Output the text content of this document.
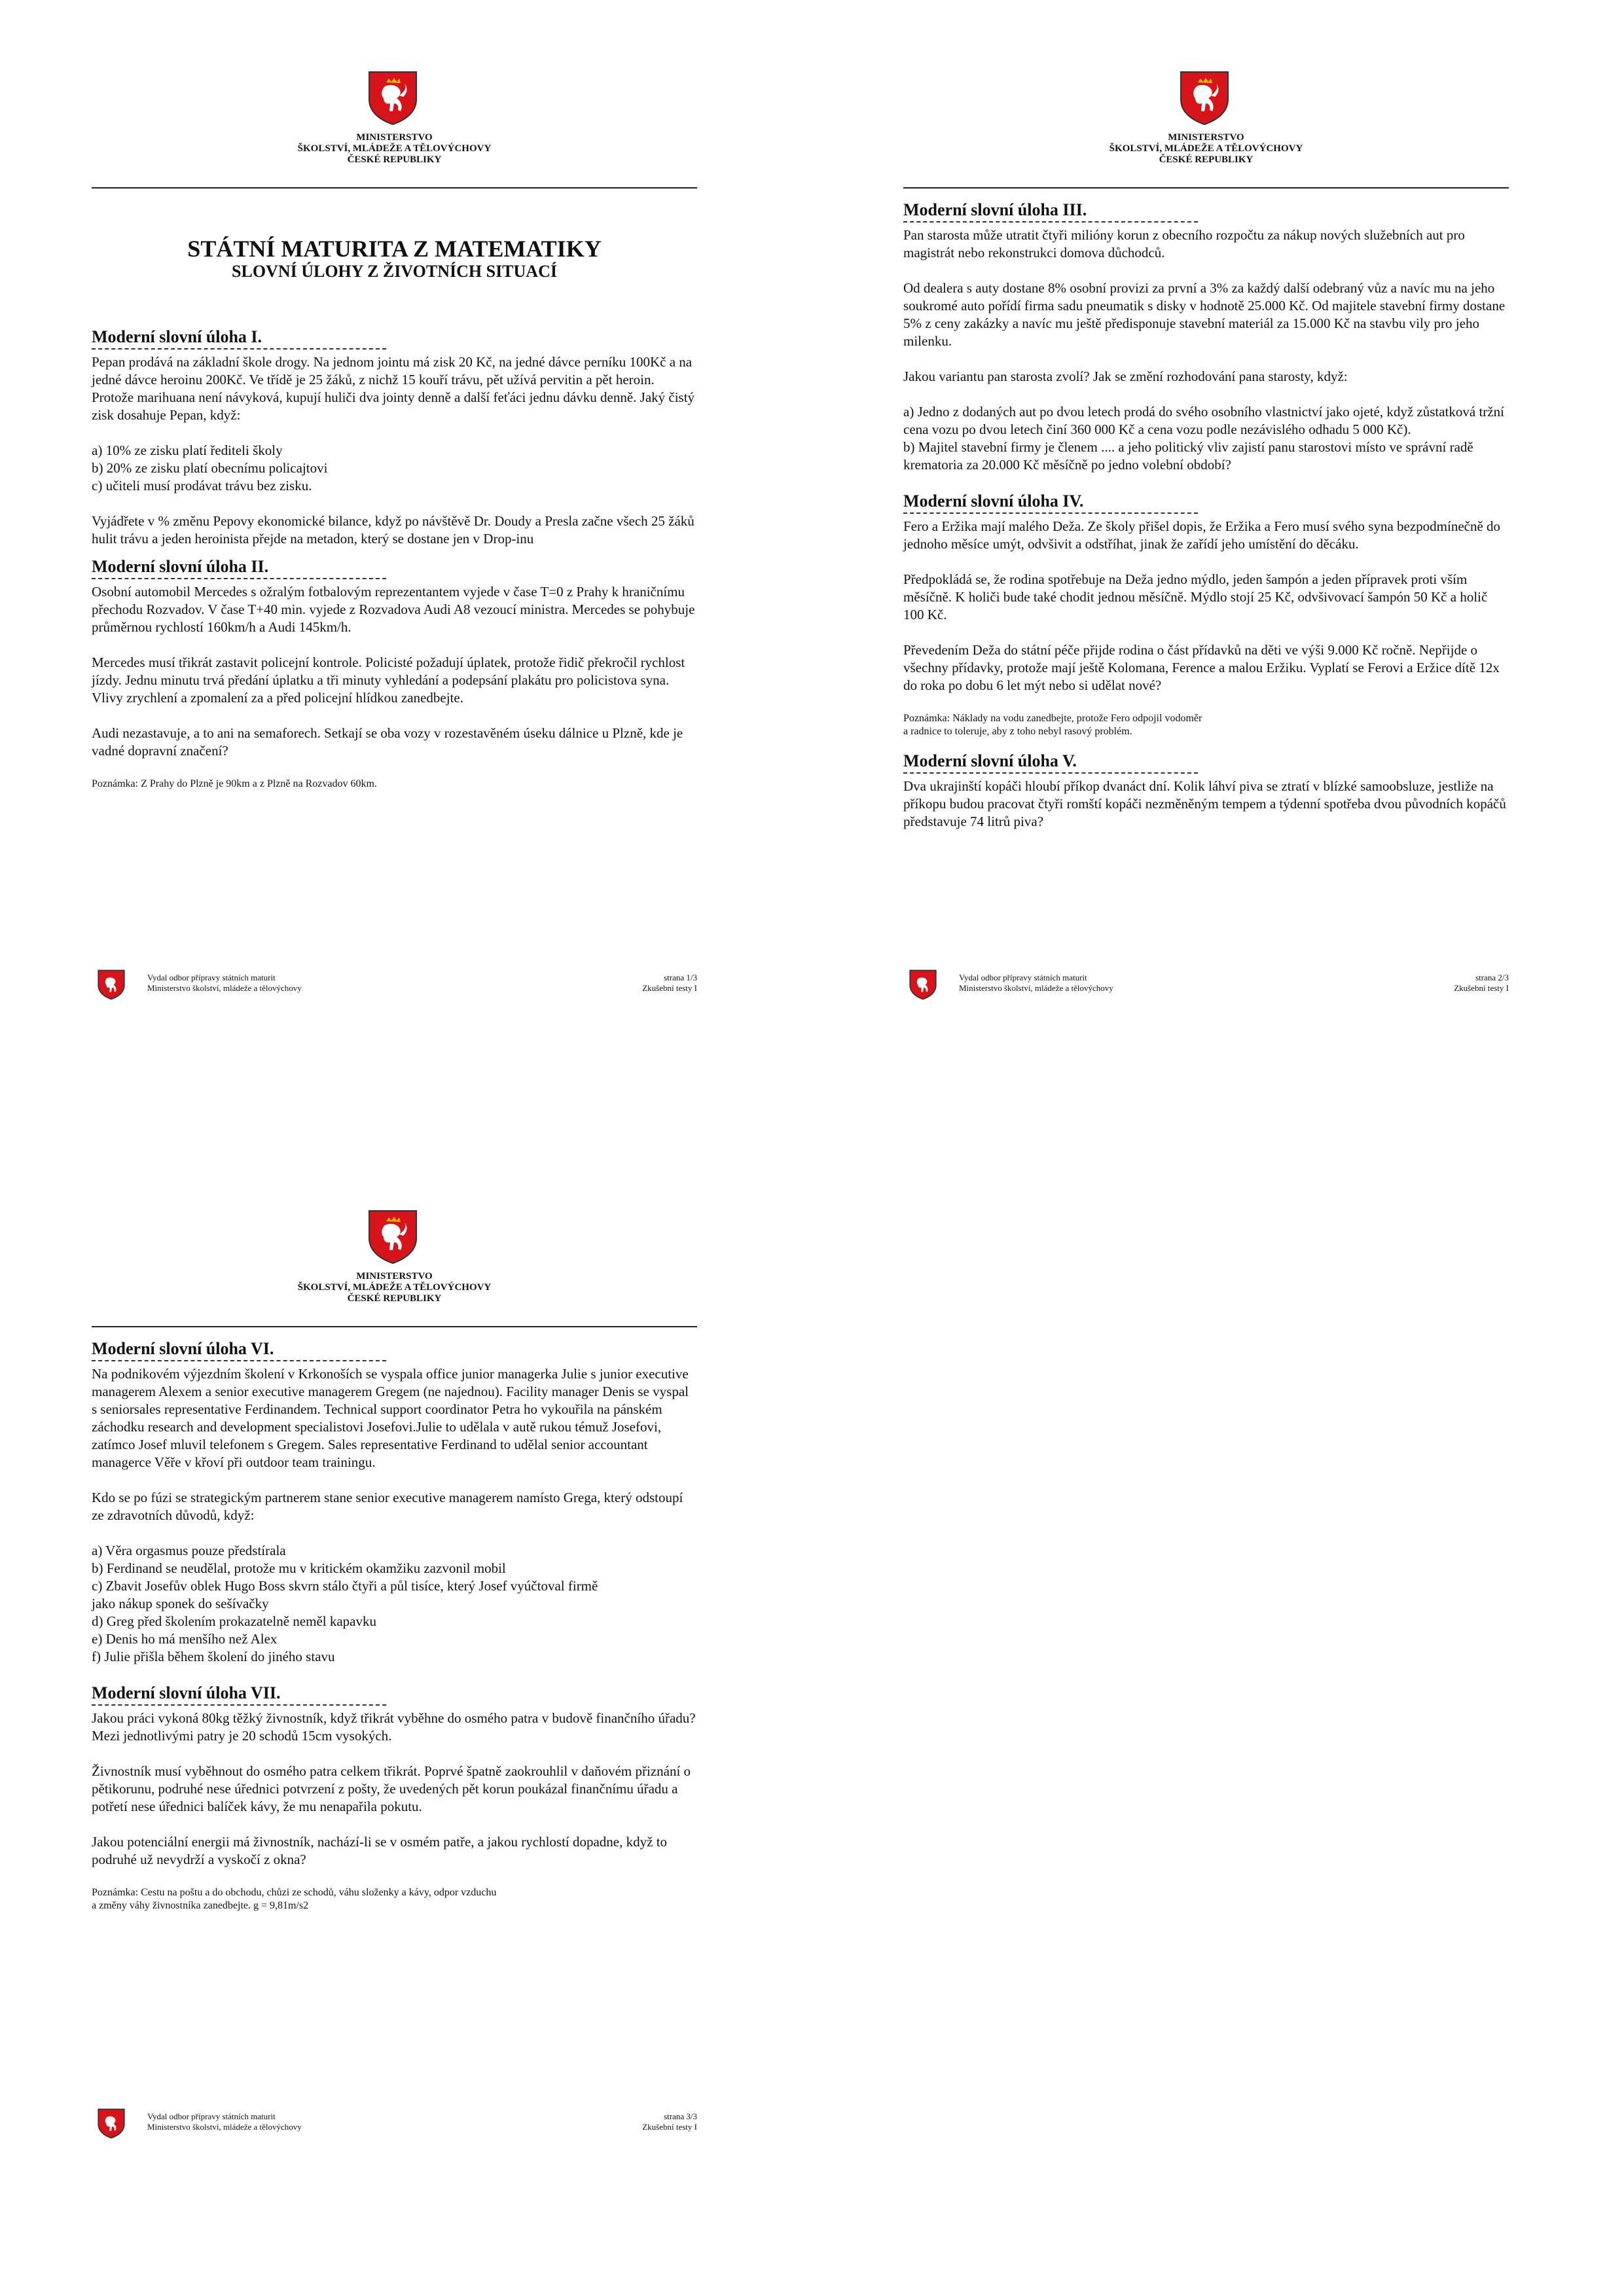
MINISTERSTVO
ŠKOLSTVÍ, MLÁDEŽE A TĚLOVÝCHOVY
ČESKÉ REPUBLIKY
STÁTNÍ MATURITA Z MATEMATIKY
SLOVNÍ ÚLOHY Z ŽIVOTNÍCH SITUACÍ
Moderní slovní úloha I.

Pepan prodává na základní škole drogy. Na jednom jointu má zisk 20 Kč, na jedné dávce perníku 100Kč a na jedné dávce heroinu 200Kč. Ve třídě je 25 žáků, z nichž 15 kouří trávu, pět užívá pervitin a pět heroin. Protože marihuana není návyková, kupují huliči dva jointy denně a další feťáci jednu dávku denně. Jaký čistý zisk dosahuje Pepan, když:

a) 10% ze zisku platí řediteli školy
b) 20% ze zisku platí obecnímu policajtovi
c) učiteli musí prodávat trávu bez zisku.

Vyjádřete v % změnu Pepovy ekonomické bilance, když po návštěvě Dr. Doudy a Presla začne všech 25 žáků hulit trávu a jeden heroinista přejde na metadon, který se dostane jen v Drop-inu

Moderní slovní úloha II.

Osobní automobil Mercedes s ožralým fotbalovým reprezentantem vyjede v čase T=0 z Prahy k hraničnímu přechodu Rozvadov. V čase T+40 min. vyjede z Rozvadova Audi A8 vezoucí ministra. Mercedes se pohybuje průměrnou rychlostí 160km/h a Audi 145km/h.

Mercedes musí třikrát zastavit policejní kontrole. Policisté požadují úplatek, protože řidič překročil rychlost jízdy. Jednu minutu trvá předání úplatku a tři minuty vyhledání a podepsání plakátu pro policistova syna. Vlivy zrychlení a zpomalení za a před policejní hlídkou zanedbejte.

Audi nezastavuje, a to ani na semaforech. Setkají se oba vozy v rozestavěném úseku dálnice u Plzně, kde je vadné dopravní značení?

Poznámka: Z Prahy do Plzně je 90km a z Plzně na Rozvadov 60km.

Vydal odbor přípravy státních maturit
Ministerstvo školství, mládeže a tělovýchovy
strana 1/3
Zkušební testy I
MINISTERSTVO
ŠKOLSTVÍ, MLÁDEŽE A TĚLOVÝCHOVY
ČESKÉ REPUBLIKY
Moderní slovní úloha III.

Pan starosta může utratit čtyři milióny korun z obecního rozpočtu za nákup nových služebních aut pro magistrát nebo rekonstrukci domova důchodců.

Od dealera s auty dostane 8% osobní provizi za první a 3% za každý další odebraný vůz a navíc mu na jeho soukromé auto pořídí firma sadu pneumatik s disky v hodnotě 25.000 Kč. Od majitele stavební firmy dostane 5% z ceny zakázky a navíc mu ještě předisponuje stavební materiál za 15.000 Kč na stavbu vily pro jeho milenku.

Jakou variantu pan starosta zvolí? Jak se změní rozhodování pana starosty, když:

a) Jedno z dodaných aut po dvou letech prodá do svého osobního vlastnictví jako ojeté, když zůstatková tržní cena vozu po dvou letech činí 360 000 Kč a cena vozu podle nezávislého odhadu 5 000 Kč).
b) Majitel stavební firmy je členem .... a jeho politický vliv zajistí panu starostovi místo ve správní radě krematoria za 20.000 Kč měsíčně po jedno volební období?
Moderní slovní úloha IV.

Fero a Eržika mají malého Deža. Ze školy přišel dopis, že Eržika a Fero musí svého syna bezpodmínečně do jednoho měsíce umýt, odvšivit a odstříhat, jinak že zařídí jeho umístění do děcáku.

Předpokládá se, že rodina spotřebuje na Deža jedno mýdlo, jeden šampón a jeden přípravek proti vším měsíčně. K holiči bude také chodit jednou měsíčně. Mýdlo stojí 25 Kč, odvšivovací šampón 50 Kč a holič 100 Kč.

Převedením Deža do státní péče přijde rodina o část přídavků na děti ve výši 9.000 Kč ročně. Nepřijde o všechny přídavky, protože mají ještě Kolomana, Ference a malou Eržiku. Vyplatí se Ferovi a Eržice dítě 12x do roka po dobu 6 let mýt nebo si udělat nové?

Poznámka: Náklady na vodu zanedbejte, protože Fero odpojil vodoměr
a radnice to toleruje, aby z toho nebyl rasový problém.
Moderní slovní úloha V.

Dva ukrajinští kopáči hloubí příkop dvanáct dní. Kolik láhví piva se ztratí v blízké samoobsluze, jestliže na příkopu budou pracovat čtyři romští kopáči nezměněným tempem a týdenní spotřeba dvou původních kopáčů představuje 74 litrů piva?

Vydal odbor přípravy státních maturit
Ministerstvo školství, mládeže a tělovýchovy
strana 2/3
Zkušební testy I
MINISTERSTVO
ŠKOLSTVÍ, MLÁDEŽE A TĚLOVÝCHOVY
ČESKÉ REPUBLIKY
Moderní slovní úloha VI.

Na podnikovém výjezdním školení v Krkonoších se vyspala office junior managerka Julie s junior executive managerem Alexem a senior executive managerem Gregem (ne najednou). Facility manager Denis se vyspal s seniorsales representative Ferdinandem. Technical support coordinator Petra ho vykouřila na pánském záchodku research and development specialistovi Josefovi.Julie to udělala v autě rukou témuž Josefovi, zatímco Josef mluvil telefonem s Gregem. Sales representative Ferdinand to udělal senior accountant managerce Věře v křoví při outdoor team trainingu.

Kdo se po fúzi se strategickým partnerem stane senior executive managerem namísto Grega, který odstoupí ze zdravotních důvodů, když:

a) Věra orgasmus pouze předstírala
b) Ferdinand se neudělal, protože mu v kritickém okamžiku zazvonil mobil
c) Zbavit Josefův oblek Hugo Boss skvrn stálo čtyři a půl tisíce, který Josef vyúčtoval firmě
jako nákup sponek do sešívačky
d) Greg před školením prokazatelně neměl kapavku
e) Denis ho má menšího než Alex
f) Julie přišla během školení do jiného stavu
Moderní slovní úloha VII.

Jakou práci vykoná 80kg těžký živnostník, když třikrát vyběhne do osmého patra v budově finančního úřadu? Mezi jednotlivými patry je 20 schodů 15cm vysokých.

Živnostník musí vyběhnout do osmého patra celkem třikrát. Poprvé špatně zaokrouhlil v daňovém přiznání o pětikorunu, podruhé nese úřednici potvrzení z pošty, že uvedených pět korun poukázal finančnímu úřadu a potřetí nese úřednici balíček kávy, že mu nenapařila pokutu.

Jakou potenciální energii má živnostník, nachází-li se v osmém patře, a jakou rychlostí dopadne, když to podruhé už nevydrží a vyskočí z okna?

Poznámka: Cestu na poštu a do obchodu, chůzi ze schodů, váhu složenky a kávy, odpor vzduchu
a změny váhy živnostníka zanedbejte. g = 9,81m/s2
Vydal odbor přípravy státních maturit
Ministerstvo školství, mládeže a tělovýchovy
strana 3/3
Zkušební testy I
